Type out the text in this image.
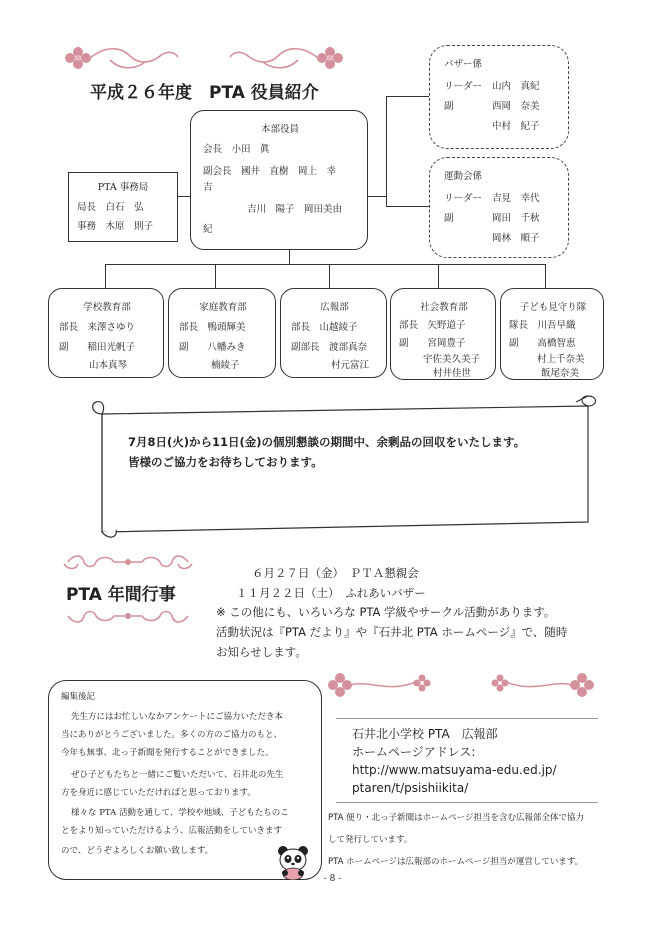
平成２６年度　PTA 役員紹介
バザー係
リーダー 山内　真紀
副	西岡　奈美
中村　紀子
運動会係
リーダー 吉見　幸代
副	岡田　千秋
岡林　順子
本部役員
会長　小田　眞
副会長　國井　直樹　岡上　幸
吉
吉川　陽子　岡田美由
紀
PTA 事務局
局長　白石　弘
事務　木原　則子
学校教育部
部長　来澤さゆり
副　　稲田光帆子
山本真琴
家庭教育部
部長　鴨頭輝美
副　　八幡みき
楠綾子
広報部
部長　山越綾子
副部長　渡部真奈
村元富江
社会教育部
部長　矢野道子
副　　宮岡豊子
宇佐美久美子
村井佳世
子ども見守り隊
隊長　川吾早織
副　　高橋智恵
村上千奈美
飯尾奈美
7月8日(火)から11日(金)の個別懇談の期間中、余剰品の回収をいたします。
皆様のご協力をお待ちしております。
PTA 年間行事
６月２７日（金）　ＰＴＡ懇親会
１１月２２日（土）　ふれあいバザー
※ この他にも、いろいろな PTA 学級やサークル活動があります。
活動状況は『PTA だより』や『石井北 PTA ホームページ』で、随時
お知らせします。
編集後記
先生方にはお忙しいなかアンケートにご協力いただき本
当にありがとうございました。多くの方のご協力のもと、
今年も無事、北っ子新聞を発行することができました。
ぜひ子どもたちと一緒にご覧いただいて、石井北の先生
方を身近に感じていただければと思っております。
様々な PTA 活動を通して、学校や地域、子どもたちのこ
とをより知っていただけるよう、広報活動をしていきます
ので、どうぞよろしくお願い致します。
石井北小学校 PTA　広報部
ホームページアドレス:
http://www.matsuyama-edu.ed.jp/
ptaren/t/psishiikita/
PTA 便り・北っ子新聞はホームページ担当を含む広報部全体で協力
して発行しています。
PTA ホームページは広報部のホームページ担当が運営しています。
- 8 -
